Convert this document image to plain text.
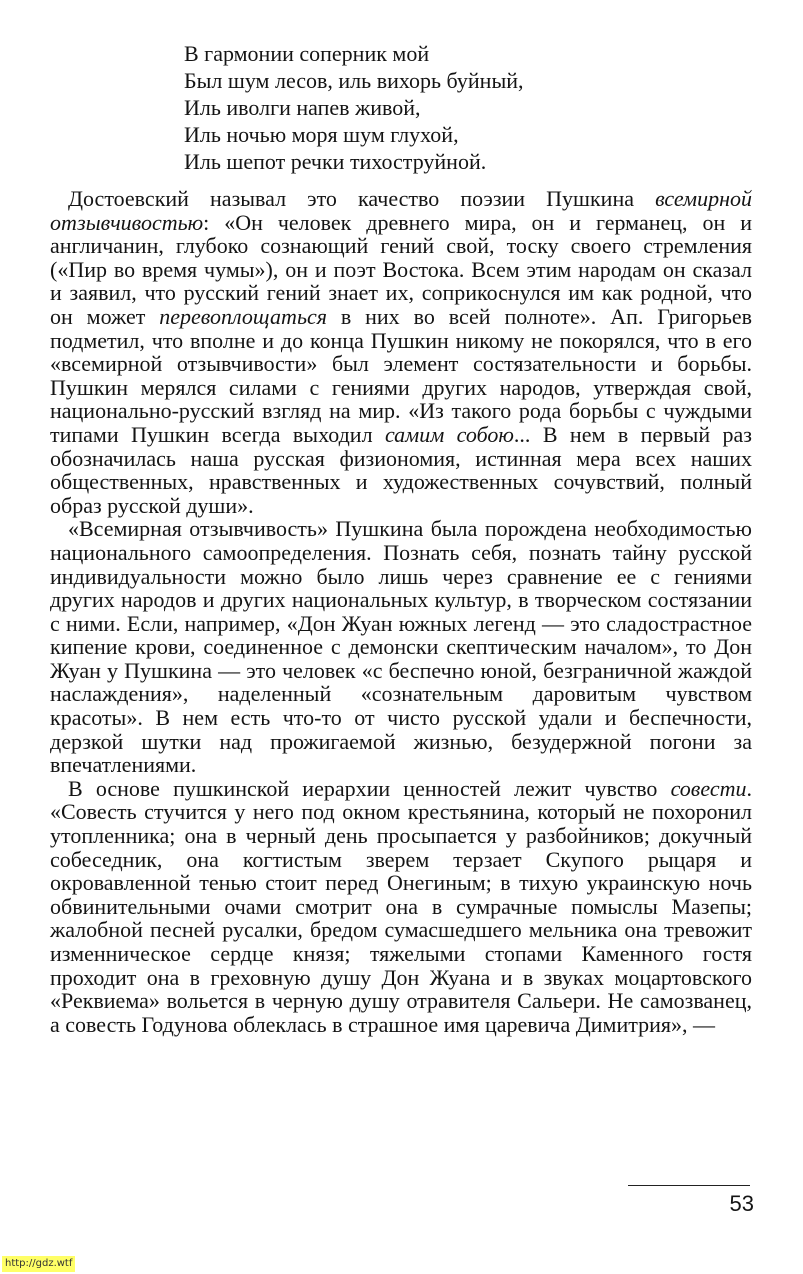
В гармонии соперник мой
Был шум лесов, иль вихорь буйный,
Иль иволги напев живой,
Иль ночью моря шум глухой,
Иль шепот речки тихоструйной.

Достоевский называл это качество поэзии Пушкина всемирной отзывчивостью: «Он человек древнего мира, он и германец, он и англичанин, глубоко сознающий гений свой, тоску своего стремления («Пир во время чумы»), он и поэт Востока. Всем этим народам он сказал и заявил, что русский гений знает их, соприкоснулся им как родной, что он может перевоплощаться в них во всей полноте». Ап. Григорьев подметил, что вполне и до конца Пушкин никому не покорялся, что в его «всемирной отзывчивости» был элемент состязательности и борьбы. Пушкин мерялся силами с гениями других народов, утверждая свой, национально-русский взгляд на мир. «Из такого рода борьбы с чуждыми типами Пушкин всегда выходил самим собою... В нем в первый раз обозначилась наша русская физиономия, истинная мера всех наших общественных, нравственных и художественных сочувствий, полный образ русской души».

«Всемирная отзывчивость» Пушкина была порождена необходимостью национального самоопределения. Познать себя, познать тайну русской индивидуальности можно было лишь через сравнение ее с гениями других народов и других национальных культур, в творческом состязании с ними. Если, например, «Дон Жуан южных легенд — это сладострастное кипение крови, соединенное с демонски скептическим началом», то Дон Жуан у Пушкина — это человек «с беспечно юной, безграничной жаждой наслаждения», наделенный «сознательным даровитым чувством красоты». В нем есть что-то от чисто русской удали и беспечности, дерзкой шутки над прожигаемой жизнью, безудержной погони за впечатлениями.

В основе пушкинской иерархии ценностей лежит чувство совести. «Совесть стучится у него под окном крестьянина, который не похоронил утопленника; она в черный день просыпается у разбойников; докучный собеседник, она когтистым зверем терзает Скупого рыцаря и окровавленной тенью стоит перед Онегиным; в тихую украинскую ночь обвинительными очами смотрит она в сумрачные помыслы Мазепы; жалобной песней русалки, бредом сумасшедшего мельника она тревожит изменническое сердце князя; тяжелыми стопами Каменного гостя проходит она в греховную душу Дон Жуана и в звуках моцартовского «Реквиема» вольется в черную душу отравителя Сальери. Не самозванец, а совесть Годунова облеклась в страшное имя царевича Димитрия», —

53
http://gdz.wtf
